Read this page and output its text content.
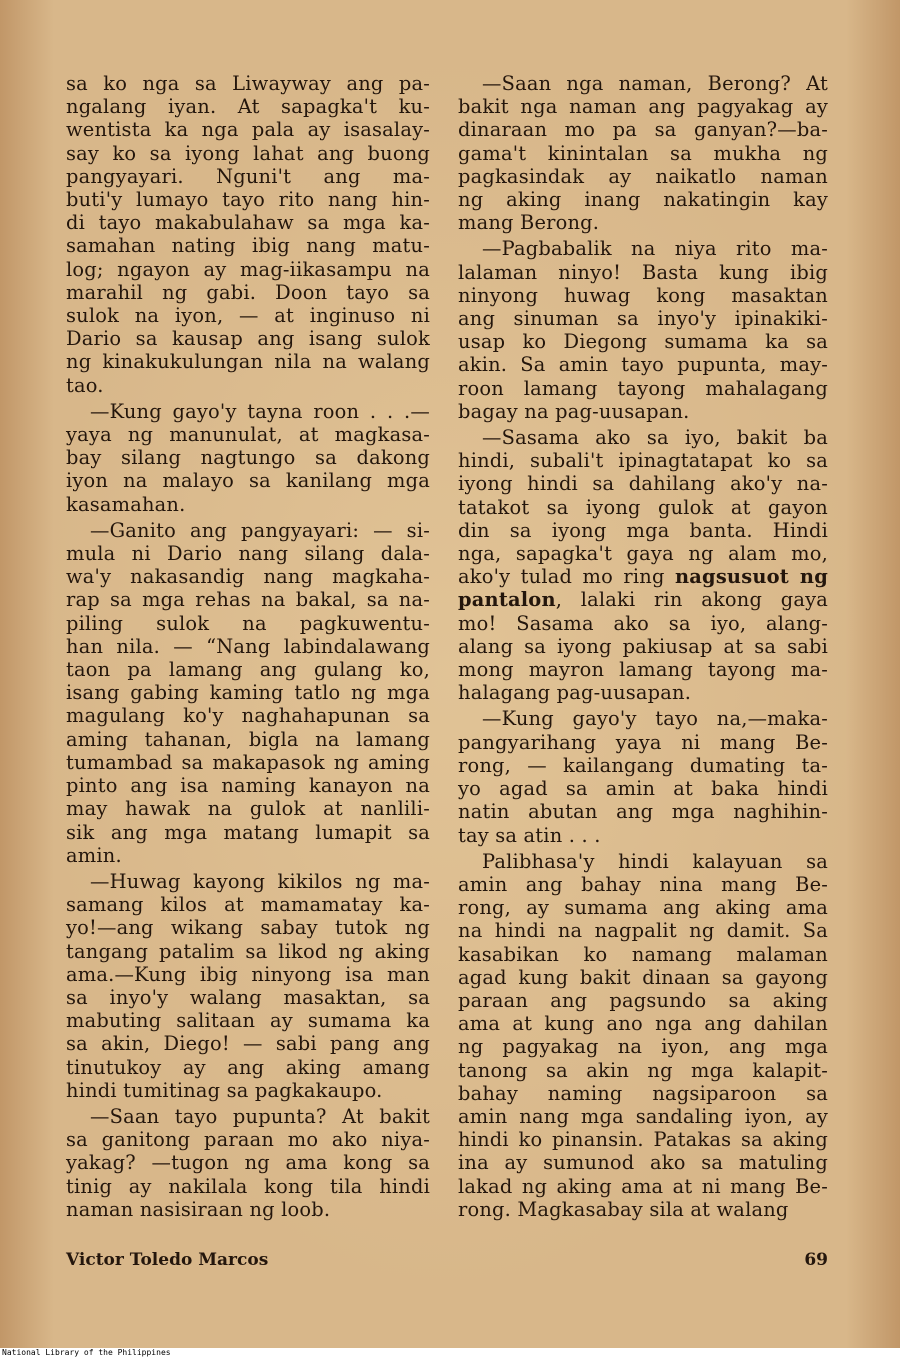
sa ko nga sa Liwayway ang pa-
ngalang iyan. At sapagka't ku-
wentista ka nga pala ay isasalay-
say ko sa iyong lahat ang buong
pangyayari. Nguni't ang ma-
buti'y lumayo tayo rito nang hin-
di tayo makabulahaw sa mga ka-
samahan nating ibig nang matu-
log; ngayon ay mag-iikasampu na
marahil ng gabi. Doon tayo sa
sulok na iyon, — at inginuso ni
Dario sa kausap ang isang sulok
ng kinakukulungan nila na walang
tao.

—Kung gayo'y tayna roon . . .—
yaya ng manunulat, at magkasa-
bay silang nagtungo sa dakong
iyon na malayo sa kanilang mga
kasamahan.

—Ganito ang pangyayari: — si-
mula ni Dario nang silang dala-
wa'y nakasandig nang magkaha-
rap sa mga rehas na bakal, sa na-
piling sulok na pagkuwentu-
han nila. — “Nang labindalawang
taon pa lamang ang gulang ko,
isang gabing kaming tatlo ng mga
magulang ko'y naghahapunan sa
aming tahanan, bigla na lamang
tumambad sa makapasok ng aming
pinto ang isa naming kanayon na
may hawak na gulok at nanlili-
sik ang mga matang lumapit sa
amin.

—Huwag kayong kikilos ng ma-
samang kilos at mamamatay ka-
yo!—ang wikang sabay tutok ng
tangang patalim sa likod ng aking
ama.—Kung ibig ninyong isa man
sa inyo'y walang masaktan, sa
mabuting salitaan ay sumama ka
sa akin, Diego! — sabi pang ang
tinutukoy ay ang aking amang
hindi tumitinag sa pagkakaupo.

—Saan tayo pupunta? At bakit
sa ganitong paraan mo ako niya-
yakag? —tugon ng ama kong sa
tinig ay nakilala kong tila hindi
naman nasisiraan ng loob.

—Saan nga naman, Berong? At
bakit nga naman ang pagyakag ay
dinaraan mo pa sa ganyan?—ba-
gama't kinintalan sa mukha ng
pagkasindak ay naikatlo naman
ng aking inang nakatingin kay
mang Berong.

—Pagbabalik na niya rito ma-
lalaman ninyo! Basta kung ibig
ninyong huwag kong masaktan
ang sinuman sa inyo'y ipinakiki-
usap ko Diegong sumama ka sa
akin. Sa amin tayo pupunta, may-
roon lamang tayong mahalagang
bagay na pag-uusapan.

—Sasama ako sa iyo, bakit ba
hindi, subali't ipinagtatapat ko sa
iyong hindi sa dahilang ako'y na-
tatakot sa iyong gulok at gayon
din sa iyong mga banta. Hindi
nga, sapagka't gaya ng alam mo,
ako'y tulad mo ring nagsusuot ng
pantalon, lalaki rin akong gaya
mo! Sasama ako sa iyo, alang-
alang sa iyong pakiusap at sa sabi
mong mayron lamang tayong ma-
halagang pag-uusapan.

—Kung gayo'y tayo na,—maka-
pangyarihang yaya ni mang Be-
rong, — kailangang dumating ta-
yo agad sa amin at baka hindi
natin abutan ang mga naghihin-
tay sa atin . . .

Palibhasa'y hindi kalayuan sa
amin ang bahay nina mang Be-
rong, ay sumama ang aking ama
na hindi na nagpalit ng damit. Sa
kasabikan ko namang malaman
agad kung bakit dinaan sa gayong
paraan ang pagsundo sa aking
ama at kung ano nga ang dahilan
ng pagyakag na iyon, ang mga
tanong sa akin ng mga kalapit-
bahay naming nagsiparoon sa
amin nang mga sandaling iyon, ay
hindi ko pinansin. Patakas sa aking
ina ay sumunod ako sa matuling
lakad ng aking ama at ni mang Be-
rong. Magkasabay sila at walang

Victor Toledo Marcos	69
National Library of the Philippines
